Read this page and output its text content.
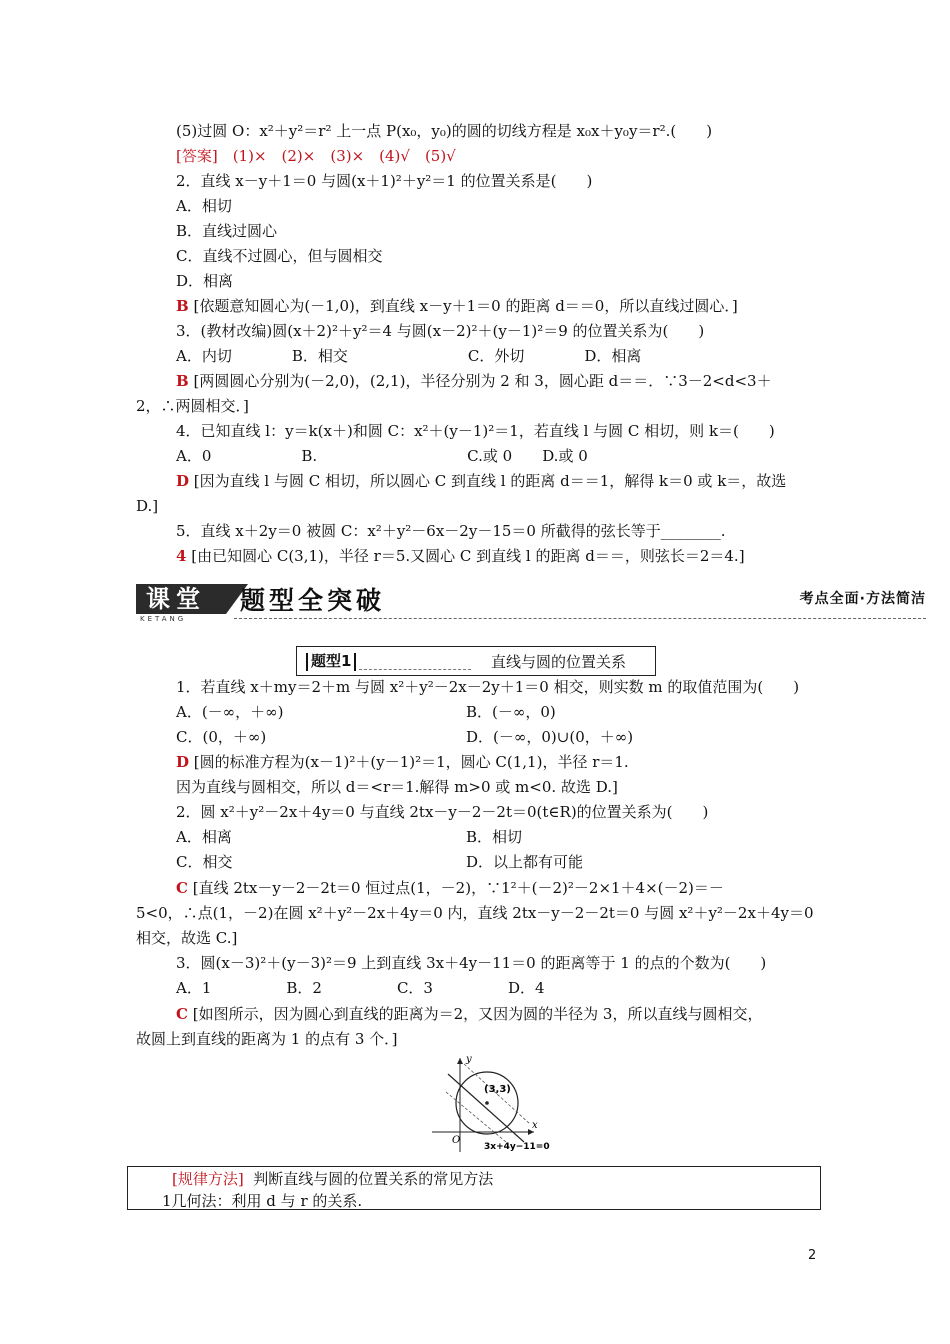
(5)过圆 O：x²＋y²＝r² 上一点 P(x₀，y₀)的圆的切线方程是 x₀x＋y₀y＝r².(　　)
[答案]　(1)×　(2)×　(3)×　(4)√　(5)√
2．直线 x－y＋1＝0 与圆(x＋1)²＋y²＝1 的位置关系是(　　)
A．相切
B．直线过圆心
C．直线不过圆心，但与圆相交
D．相离
B [依题意知圆心为(－1,0)，到直线 x－y＋1＝0 的距离 d＝＝0，所以直线过圆心．]
3．(教材改编)圆(x＋2)²＋y²＝4 与圆(x－2)²＋(y－1)²＝9 的位置关系为(　　)
A．内切　　　　B．相交　　　　　　　　C．外切　　　　D．相离
B [两圆圆心分别为(－2,0)，(2,1)，半径分别为 2 和 3，圆心距 d＝＝．∵3－2<d<3＋
2，∴两圆相交．]
4．已知直线 l：y＝k(x＋)和圆 C：x²＋(y－1)²＝1，若直线 l 与圆 C 相切，则 k＝(　　)
A．0　　　　　　B.　　　　　　　　　　C.或 0　　D.或 0
D [因为直线 l 与圆 C 相切，所以圆心 C 到直线 l 的距离 d＝＝1，解得 k＝0 或 k＝，故选
D.]
5．直线 x＋2y＝0 被圆 C：x²＋y²－6x－2y－15＝0 所截得的弦长等于________.
4 [由已知圆心 C(3,1)，半径 r＝5.又圆心 C 到直线 l 的距离 d＝＝，则弦长＝2＝4.]
课堂
KETANG
题型全突破	考点全面·方法简洁
题型1	直线与圆的位置关系
1．若直线 x＋my＝2＋m 与圆 x²＋y²－2x－2y＋1＝0 相交，则实数 m 的取值范围为(　　)
A．(－∞，＋∞)	B．(－∞，0)
C．(0，＋∞)	D．(－∞，0)∪(0，＋∞)
D [圆的标准方程为(x－1)²＋(y－1)²＝1，圆心 C(1,1)，半径 r＝1.
因为直线与圆相交，所以 d＝<r＝1.解得 m>0 或 m<0. 故选 D.]
2．圆 x²＋y²－2x＋4y＝0 与直线 2tx－y－2－2t＝0(t∈R)的位置关系为(　　)
A．相离	B．相切
C．相交	D．以上都有可能
C [直线 2tx－y－2－2t＝0 恒过点(1，－2)，∵1²＋(－2)²－2×1＋4×(－2)＝－
5<0，∴点(1，－2)在圆 x²＋y²－2x＋4y＝0 内，直线 2tx－y－2－2t＝0 与圆 x²＋y²－2x＋4y＝0
相交，故选 C.]
3．圆(x－3)²＋(y－3)²＝9 上到直线 3x＋4y－11＝0 的距离等于 1 的点的个数为(　　)
A．1　　　　　B．2　　　　　C．3　　　　　D．4
C [如图所示，因为圆心到直线的距离为＝2，又因为圆的半径为 3，所以直线与圆相交，
故圆上到直线的距离为 1 的点有 3 个．]
y
x
O
(3,3)
3x+4y−11=0
[规律方法] 判断直线与圆的位置关系的常见方法
1几何法：利用 d 与 r 的关系.
2
